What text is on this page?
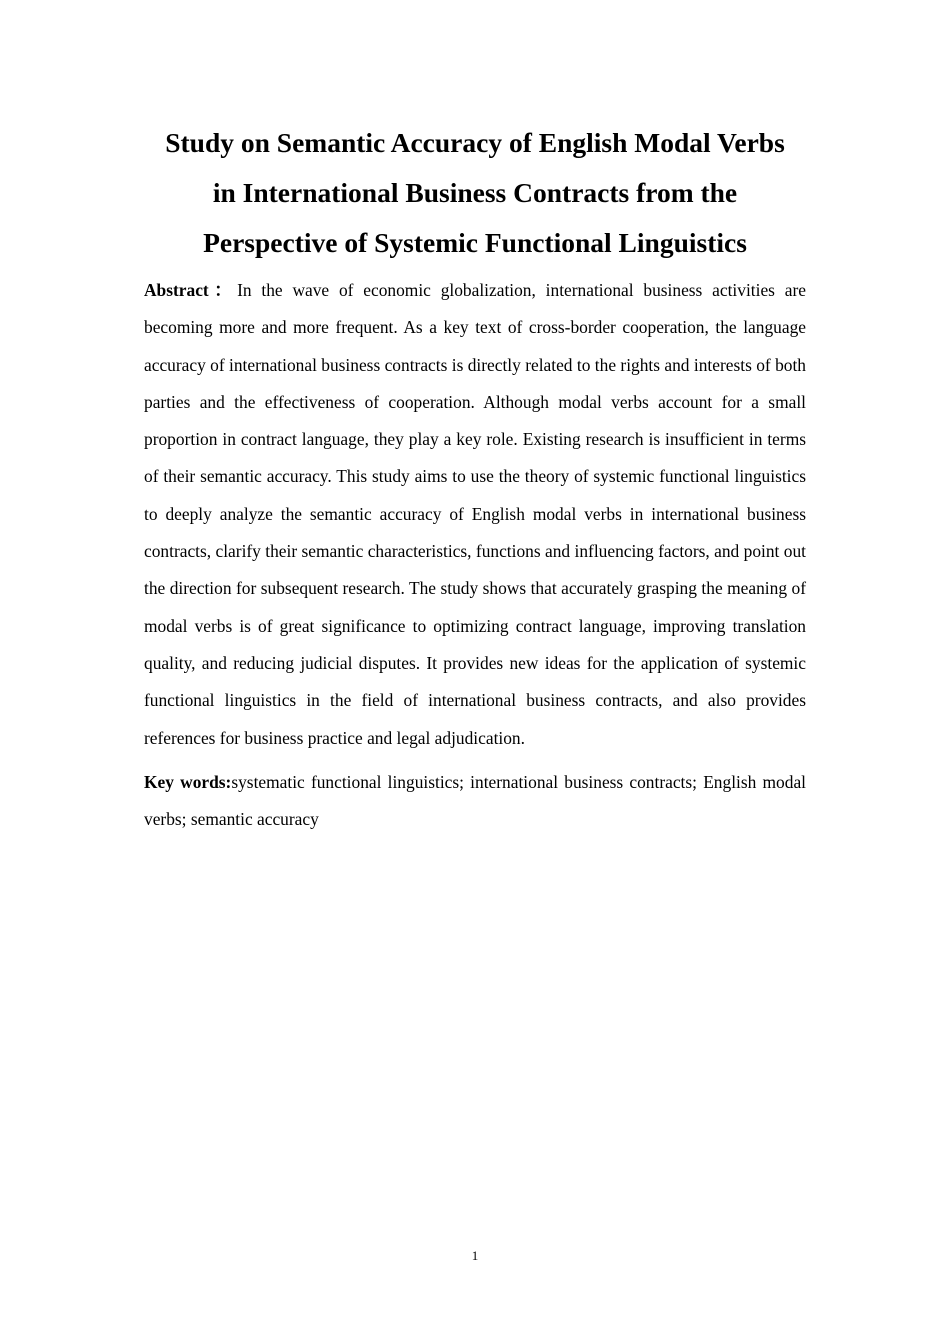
Study on Semantic Accuracy of English Modal Verbs
in International Business Contracts from the
Perspective of Systemic Functional Linguistics

Abstract：In the wave of economic globalization, international business activities are becoming more and more frequent. As a key text of cross-border cooperation, the language accuracy of international business contracts is directly related to the rights and interests of both parties and the effectiveness of cooperation. Although modal verbs account for a small proportion in contract language, they play a key role. Existing research is insufficient in terms of their semantic accuracy. This study aims to use the theory of systemic functional linguistics to deeply analyze the semantic accuracy of English modal verbs in international business contracts, clarify their semantic characteristics, functions and influencing factors, and point out the direction for subsequent research. The study shows that accurately grasping the meaning of modal verbs is of great significance to optimizing contract language, improving translation quality, and reducing judicial disputes. It provides new ideas for the application of systemic functional linguistics in the field of international business contracts, and also provides references for business practice and legal adjudication.

Key words:systematic functional linguistics; international business contracts; English modal verbs; semantic accuracy

1
